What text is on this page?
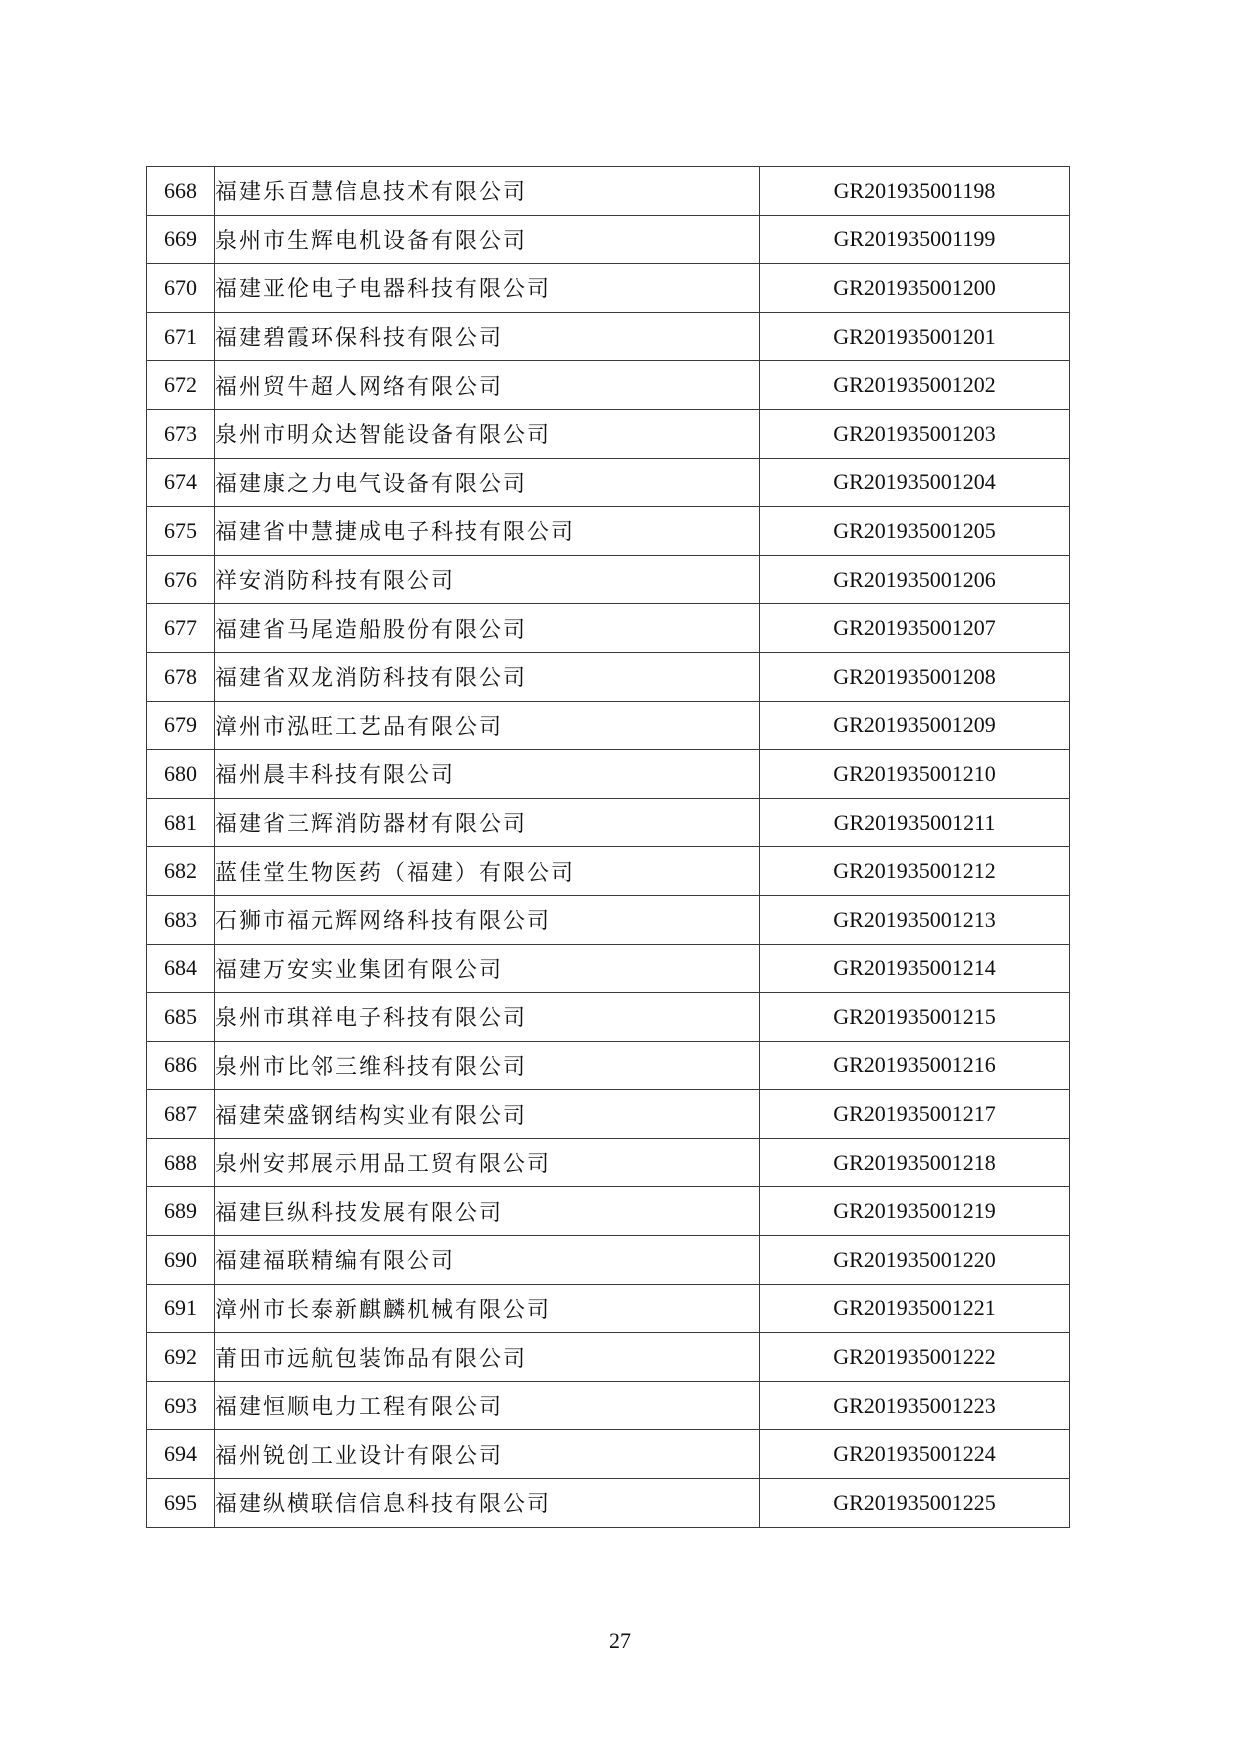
668	福建乐百慧信息技术有限公司	GR201935001198
669	泉州市生辉电机设备有限公司	GR201935001199
670	福建亚伦电子电器科技有限公司	GR201935001200
671	福建碧霞环保科技有限公司	GR201935001201
672	福州贸牛超人网络有限公司	GR201935001202
673	泉州市明众达智能设备有限公司	GR201935001203
674	福建康之力电气设备有限公司	GR201935001204
675	福建省中慧捷成电子科技有限公司	GR201935001205
676	祥安消防科技有限公司	GR201935001206
677	福建省马尾造船股份有限公司	GR201935001207
678	福建省双龙消防科技有限公司	GR201935001208
679	漳州市泓旺工艺品有限公司	GR201935001209
680	福州晨丰科技有限公司	GR201935001210
681	福建省三辉消防器材有限公司	GR201935001211
682	蓝佳堂生物医药（福建）有限公司	GR201935001212
683	石狮市福元辉网络科技有限公司	GR201935001213
684	福建万安实业集团有限公司	GR201935001214
685	泉州市琪祥电子科技有限公司	GR201935001215
686	泉州市比邻三维科技有限公司	GR201935001216
687	福建荣盛钢结构实业有限公司	GR201935001217
688	泉州安邦展示用品工贸有限公司	GR201935001218
689	福建巨纵科技发展有限公司	GR201935001219
690	福建福联精编有限公司	GR201935001220
691	漳州市长泰新麒麟机械有限公司	GR201935001221
692	莆田市远航包装饰品有限公司	GR201935001222
693	福建恒顺电力工程有限公司	GR201935001223
694	福州锐创工业设计有限公司	GR201935001224
695	福建纵横联信信息科技有限公司	GR201935001225
27
